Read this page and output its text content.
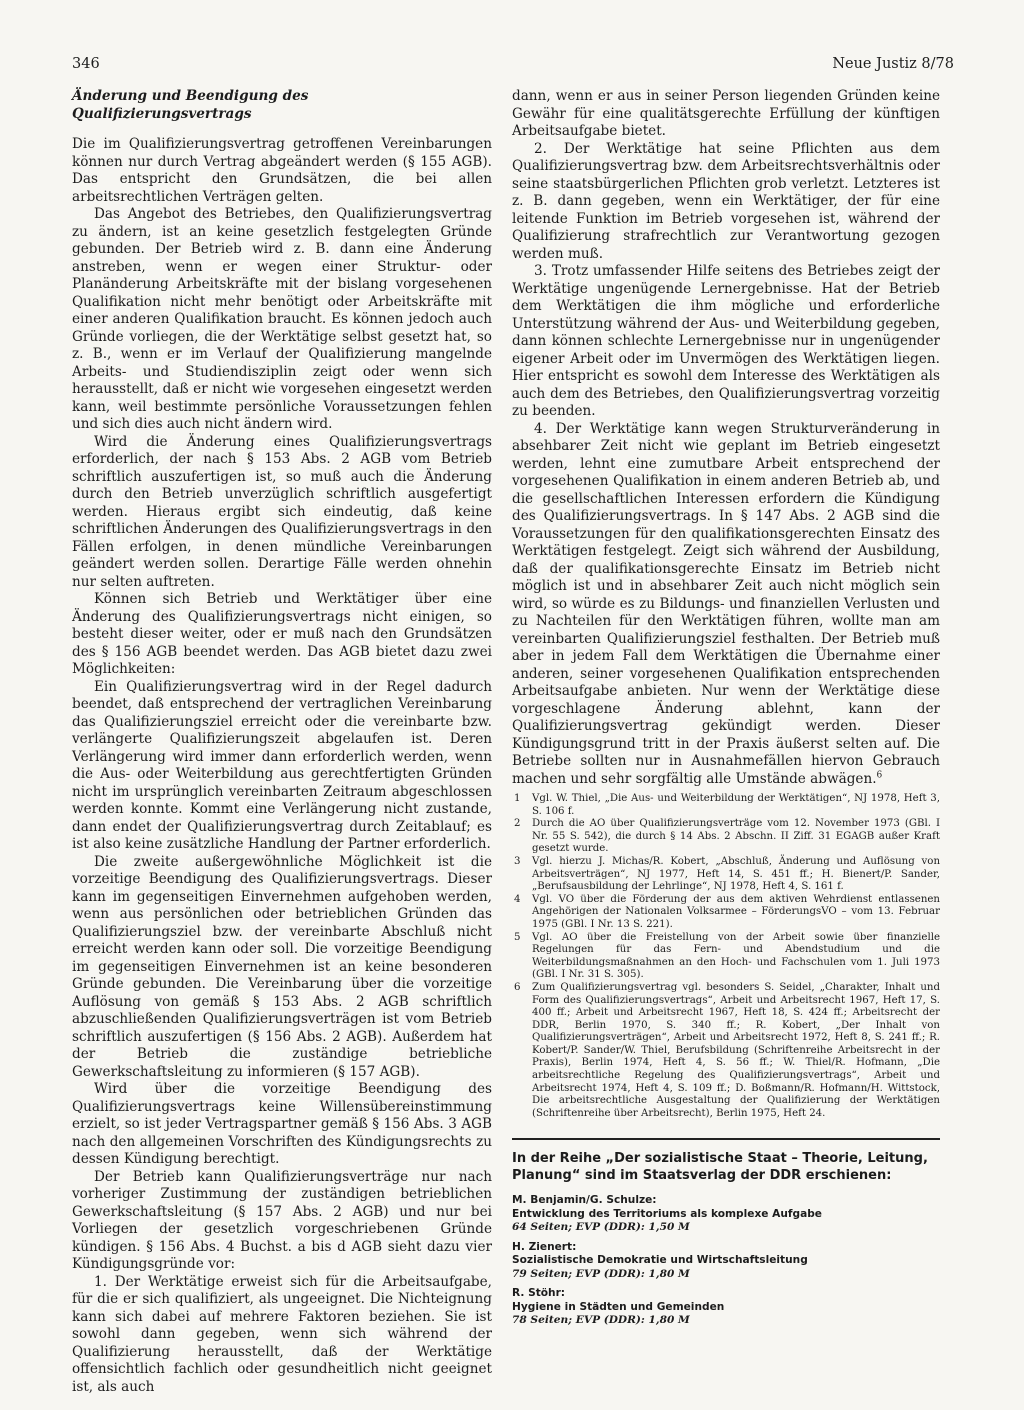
346	Neue Justiz 8/78

Änderung und Beendigung des Qualifizierungsvertrags

Die im Qualifizierungsvertrag getroffenen Vereinbarungen können nur durch Vertrag abgeändert werden (§ 155 AGB). Das entspricht den Grundsätzen, die bei allen arbeitsrechtlichen Verträgen gelten.

Das Angebot des Betriebes, den Qualifizierungsvertrag zu ändern, ist an keine gesetzlich festgelegten Gründe gebunden. Der Betrieb wird z. B. dann eine Änderung anstreben, wenn er wegen einer Struktur- oder Planänderung Arbeitskräfte mit der bislang vorgesehenen Qualifikation nicht mehr benötigt oder Arbeitskräfte mit einer anderen Qualifikation braucht. Es können jedoch auch Gründe vorliegen, die der Werktätige selbst gesetzt hat, so z. B., wenn er im Verlauf der Qualifizierung mangelnde Arbeits- und Studiendisziplin zeigt oder wenn sich herausstellt, daß er nicht wie vorgesehen eingesetzt werden kann, weil bestimmte persönliche Voraussetzungen fehlen und sich dies auch nicht ändern wird.

Wird die Änderung eines Qualifizierungsvertrags erforderlich, der nach § 153 Abs. 2 AGB vom Betrieb schriftlich auszufertigen ist, so muß auch die Änderung durch den Betrieb unverzüglich schriftlich ausgefertigt werden. Hieraus ergibt sich eindeutig, daß keine schriftlichen Änderungen des Qualifizierungsvertrags in den Fällen erfolgen, in denen mündliche Vereinbarungen geändert werden sollen. Derartige Fälle werden ohnehin nur selten auftreten.

Können sich Betrieb und Werktätiger über eine Änderung des Qualifizierungsvertrags nicht einigen, so besteht dieser weiter, oder er muß nach den Grundsätzen des § 156 AGB beendet werden. Das AGB bietet dazu zwei Möglichkeiten:

Ein Qualifizierungsvertrag wird in der Regel dadurch beendet, daß entsprechend der vertraglichen Vereinbarung das Qualifizierungsziel erreicht oder die vereinbarte bzw. verlängerte Qualifizierungszeit abgelaufen ist. Deren Verlängerung wird immer dann erforderlich werden, wenn die Aus- oder Weiterbildung aus gerechtfertigten Gründen nicht im ursprünglich vereinbarten Zeitraum abgeschlossen werden konnte. Kommt eine Verlängerung nicht zustande, dann endet der Qualifizierungsvertrag durch Zeitablauf; es ist also keine zusätzliche Handlung der Partner erforderlich.

Die zweite außergewöhnliche Möglichkeit ist die vorzeitige Beendigung des Qualifizierungsvertrags. Dieser kann im gegenseitigen Einvernehmen aufgehoben werden, wenn aus persönlichen oder betrieblichen Gründen das Qualifizierungsziel bzw. der vereinbarte Abschluß nicht erreicht werden kann oder soll. Die vorzeitige Beendigung im gegenseitigen Einvernehmen ist an keine besonderen Gründe gebunden. Die Vereinbarung über die vorzeitige Auflösung von gemäß § 153 Abs. 2 AGB schriftlich abzuschließenden Qualifizierungsverträgen ist vom Betrieb schriftlich auszufertigen (§ 156 Abs. 2 AGB). Außerdem hat der Betrieb die zuständige betriebliche Gewerkschaftsleitung zu informieren (§ 157 AGB).

Wird über die vorzeitige Beendigung des Qualifizierungsvertrags keine Willensübereinstimmung erzielt, so ist jeder Vertragspartner gemäß § 156 Abs. 3 AGB nach den allgemeinen Vorschriften des Kündigungsrechts zu dessen Kündigung berechtigt.

Der Betrieb kann Qualifizierungsverträge nur nach vorheriger Zustimmung der zuständigen betrieblichen Gewerkschaftsleitung (§ 157 Abs. 2 AGB) und nur bei Vorliegen der gesetzlich vorgeschriebenen Gründe kündigen. § 156 Abs. 4 Buchst. a bis d AGB sieht dazu vier Kündigungsgründe vor:

1. Der Werktätige erweist sich für die Arbeitsaufgabe, für die er sich qualifiziert, als ungeeignet. Die Nichteignung kann sich dabei auf mehrere Faktoren beziehen. Sie ist sowohl dann gegeben, wenn sich während der Qualifizierung herausstellt, daß der Werktätige offensichtlich fachlich oder gesundheitlich nicht geeignet ist, als auch

dann, wenn er aus in seiner Person liegenden Gründen keine Gewähr für eine qualitätsgerechte Erfüllung der künftigen Arbeitsaufgabe bietet.

2. Der Werktätige hat seine Pflichten aus dem Qualifizierungsvertrag bzw. dem Arbeitsrechtsverhältnis oder seine staatsbürgerlichen Pflichten grob verletzt. Letzteres ist z. B. dann gegeben, wenn ein Werktätiger, der für eine leitende Funktion im Betrieb vorgesehen ist, während der Qualifizierung strafrechtlich zur Verantwortung gezogen werden muß.

3. Trotz umfassender Hilfe seitens des Betriebes zeigt der Werktätige ungenügende Lernergebnisse. Hat der Betrieb dem Werktätigen die ihm mögliche und erforderliche Unterstützung während der Aus- und Weiterbildung gegeben, dann können schlechte Lernergebnisse nur in ungenügender eigener Arbeit oder im Unvermögen des Werktätigen liegen. Hier entspricht es sowohl dem Interesse des Werktätigen als auch dem des Betriebes, den Qualifizierungsvertrag vorzeitig zu beenden.

4. Der Werktätige kann wegen Strukturveränderung in absehbarer Zeit nicht wie geplant im Betrieb eingesetzt werden, lehnt eine zumutbare Arbeit entsprechend der vorgesehenen Qualifikation in einem anderen Betrieb ab, und die gesellschaftlichen Interessen erfordern die Kündigung des Qualifizierungsvertrags. In § 147 Abs. 2 AGB sind die Voraussetzungen für den qualifikationsgerechten Einsatz des Werktätigen festgelegt. Zeigt sich während der Ausbildung, daß der qualifikationsgerechte Einsatz im Betrieb nicht möglich ist und in absehbarer Zeit auch nicht möglich sein wird, so würde es zu Bildungs- und finanziellen Verlusten und zu Nachteilen für den Werktätigen führen, wollte man am vereinbarten Qualifizierungsziel festhalten. Der Betrieb muß aber in jedem Fall dem Werktätigen die Übernahme einer anderen, seiner vorgesehenen Qualifikation entsprechenden Arbeitsaufgabe anbieten. Nur wenn der Werktätige diese vorgeschlagene Änderung ablehnt, kann der Qualifizierungsvertrag gekündigt werden. Dieser Kündigungsgrund tritt in der Praxis äußerst selten auf. Die Betriebe sollten nur in Ausnahmefällen hiervon Gebrauch machen und sehr sorgfältig alle Umstände abwägen.$^6$

1	Vgl. W. Thiel, „Die Aus- und Weiterbildung der Werktätigen“, NJ 1978, Heft 3, S. 106 f.
2	Durch die AO über Qualifizierungsverträge vom 12. November 1973 (GBl. I Nr. 55 S. 542), die durch § 14 Abs. 2 Abschn. II Ziff. 31 EGAGB außer Kraft gesetzt wurde.
3	Vgl. hierzu J. Michas/R. Kobert, „Abschluß, Änderung und Auflösung von Arbeitsverträgen“, NJ 1977, Heft 14, S. 451 ff.; H. Bienert/P. Sander, „Berufsausbildung der Lehrlinge“, NJ 1978, Heft 4, S. 161 f.
4	Vgl. VO über die Förderung der aus dem aktiven Wehrdienst entlassenen Angehörigen der Nationalen Volksarmee – FörderungsVO – vom 13. Februar 1975 (GBl. I Nr. 13 S. 221).
5	Vgl. AO über die Freistellung von der Arbeit sowie über finanzielle Regelungen für das Fern- und Abendstudium und die Weiterbildungsmaßnahmen an den Hoch- und Fachschulen vom 1. Juli 1973 (GBl. I Nr. 31 S. 305).
6	Zum Qualifizierungsvertrag vgl. besonders S. Seidel, „Charakter, Inhalt und Form des Qualifizierungsvertrags“, Arbeit und Arbeitsrecht 1967, Heft 17, S. 400 ff.; Arbeit und Arbeitsrecht 1967, Heft 18, S. 424 ff.; Arbeitsrecht der DDR, Berlin 1970, S. 340 ff.; R. Kobert, „Der Inhalt von Qualifizierungsverträgen“, Arbeit und Arbeitsrecht 1972, Heft 8, S. 241 ff.; R. Kobert/P. Sander/W. Thiel, Berufsbildung (Schriftenreihe Arbeitsrecht in der Praxis), Berlin 1974, Heft 4, S. 56 ff.; W. Thiel/R. Hofmann, „Die arbeitsrechtliche Regelung des Qualifizierungsvertrags“, Arbeit und Arbeitsrecht 1974, Heft 4, S. 109 ff.; D. Boßmann/R. Hofmann/H. Wittstock, Die arbeitsrechtliche Ausgestaltung der Qualifizierung der Werktätigen (Schriftenreihe über Arbeitsrecht), Berlin 1975, Heft 24.

In der Reihe „Der sozialistische Staat – Theorie, Leitung, Planung“ sind im Staatsverlag der DDR erschienen:

M. Benjamin/G. Schulze:
Entwicklung des Territoriums als komplexe Aufgabe
64 Seiten; EVP (DDR): 1,50 M
H. Zienert:
Sozialistische Demokratie und Wirtschaftsleitung
79 Seiten; EVP (DDR): 1,80 M
R. Stöhr:
Hygiene in Städten und Gemeinden
78 Seiten; EVP (DDR): 1,80 M
